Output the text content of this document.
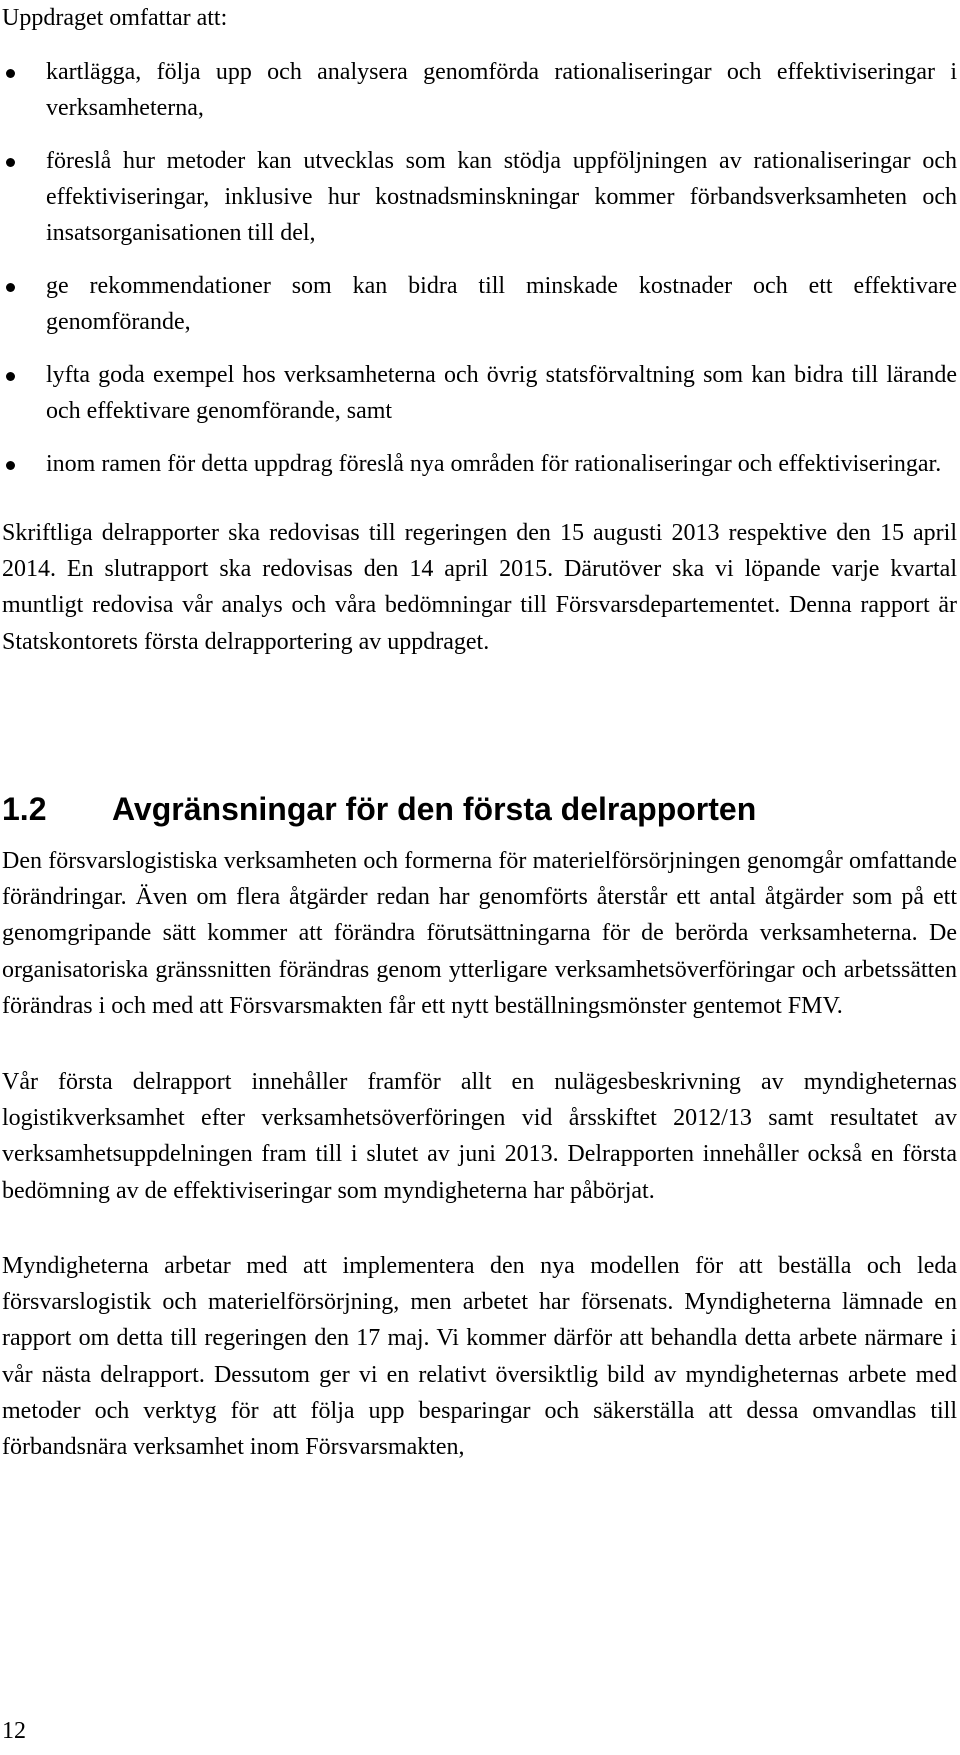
Uppdraget omfattar att:

kartlägga, följa upp och analysera genomförda rationaliseringar och effektiviseringar i verksamheterna,
föreslå hur metoder kan utvecklas som kan stödja uppföljningen av rationaliseringar och effektiviseringar, inklusive hur kostnadsminskningar kommer förbandsverksamheten och insatsorganisationen till del,
ge rekommendationer som kan bidra till minskade kostnader och ett effektivare genomförande,
lyfta goda exempel hos verksamheterna och övrig statsförvaltning som kan bidra till lärande och effektivare genomförande, samt
inom ramen för detta uppdrag föreslå nya områden för rationaliseringar och effektiviseringar.

Skriftliga delrapporter ska redovisas till regeringen den 15 augusti 2013 respektive den 15 april 2014. En slutrapport ska redovisas den 14 april 2015. Därutöver ska vi löpande varje kvartal muntligt redovisa vår analys och våra bedömningar till Försvarsdepartementet. Denna rapport är Statskontorets första delrapportering av uppdraget.

1.2 Avgränsningar för den första delrapporten

Den försvarslogistiska verksamheten och formerna för materielförsörjningen genomgår omfattande förändringar. Även om flera åtgärder redan har genomförts återstår ett antal åtgärder som på ett genomgripande sätt kommer att förändra förutsättningarna för de berörda verksamheterna. De organisatoriska gränssnitten förändras genom ytterligare verksamhetsöverföringar och arbetssätten förändras i och med att Försvarsmakten får ett nytt beställningsmönster gentemot FMV.

Vår första delrapport innehåller framför allt en nulägesbeskrivning av myndigheternas logistikverksamhet efter verksamhetsöverföringen vid årsskiftet 2012/13 samt resultatet av verksamhetsuppdelningen fram till i slutet av juni 2013. Delrapporten innehåller också en första bedömning av de effektiviseringar som myndigheterna har påbörjat.

Myndigheterna arbetar med att implementera den nya modellen för att beställa och leda försvarslogistik och materielförsörjning, men arbetet har försenats. Myndigheterna lämnade en rapport om detta till regeringen den 17 maj. Vi kommer därför att behandla detta arbete närmare i vår nästa delrapport. Dessutom ger vi en relativt översiktlig bild av myndigheternas arbete med metoder och verktyg för att följa upp besparingar och säkerställa att dessa omvandlas till förbandsnära verksamhet inom Försvarsmakten,

12
